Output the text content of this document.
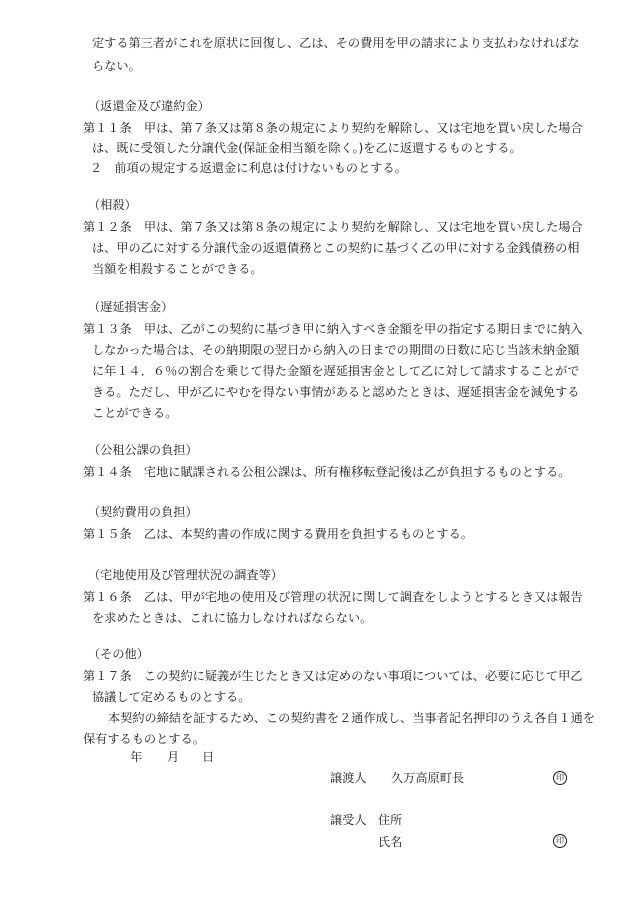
定する第三者がこれを原状に回復し、乙は、その費用を甲の請求により支払わなければな
らない。
（返還金及び違約金）
第１１条　甲は、第７条又は第８条の規定により契約を解除し、又は宅地を買い戻した場合
は、既に受領した分譲代金(保証金相当額を除く。)を乙に返還するものとする。
２　前項の規定する返還金に利息は付けないものとする。
（相殺）
第１２条　甲は、第７条又は第８条の規定により契約を解除し、又は宅地を買い戻した場合
は、甲の乙に対する分譲代金の返還債務とこの契約に基づく乙の甲に対する金銭債務の相
当額を相殺することができる。
（遅延損害金）
第１３条　甲は、乙がこの契約に基づき甲に納入すべき金額を甲の指定する期日までに納入
しなかった場合は、その納期限の翌日から納入の日までの期間の日数に応じ当該未納金額
に年１４．６％の割合を乗じて得た金額を遅延損害金として乙に対して請求することがで
きる。ただし、甲が乙にやむを得ない事情があると認めたときは、遅延損害金を減免する
ことができる。
（公租公課の負担）
第１４条　宅地に賦課される公租公課は、所有権移転登記後は乙が負担するものとする。
（契約費用の負担）
第１５条　乙は、本契約書の作成に関する費用を負担するものとする。
（宅地使用及び管理状況の調査等）
第１６条　乙は、甲が宅地の使用及び管理の状況に関して調査をしようとするとき又は報告
を求めたときは、これに協力しなければならない。
（その他）
第１７条　この契約に疑義が生じたとき又は定めのない事項については、必要に応じて甲乙
協議して定めるものとする。
本契約の締結を証するため、この契約書を２通作成し、当事者記名押印のうえ各自１通を
保有するものとする。
年 月 日
譲渡人 久万高原町長	印
譲受人 住所
氏名	印
